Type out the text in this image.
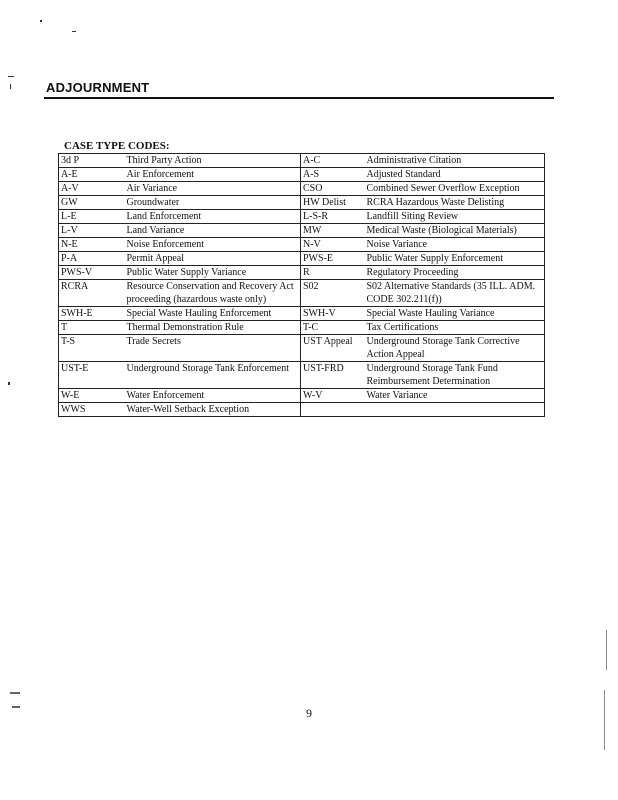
ADJOURNMENT
CASE TYPE CODES:
3d P	Third Party Action	A-C	Administrative Citation
A-E	Air Enforcement	A-S	Adjusted Standard
A-V	Air Variance	CSO	Combined Sewer Overflow Exception
GW	Groundwater	HW Delist	RCRA Hazardous Waste Delisting
L-E	Land Enforcement	L-S-R	Landfill Siting Review
L-V	Land Variance	MW	Medical Waste (Biological Materials)
N-E	Noise Enforcement	N-V	Noise Variance
P-A	Permit Appeal	PWS-E	Public Water Supply Enforcement
PWS-V	Public Water Supply Variance	R	Regulatory Proceeding
RCRA	Resource Conservation and Recovery Act proceeding (hazardous waste only)	S02	S02 Alternative Standards (35 ILL. ADM. CODE 302.211(f))
SWH-E	Special Waste Hauling Enforcement	SWH-V	Special Waste Hauling Variance
T	Thermal Demonstration Rule	T-C	Tax Certifications
T-S	Trade Secrets	UST Appeal	Underground Storage Tank Corrective Action Appeal
UST-E	Underground Storage Tank Enforcement	UST-FRD	Underground Storage Tank Fund Reimbursement Determination
W-E	Water Enforcement	W-V	Water Variance
WWS	Water-Well Setback Exception		
9
